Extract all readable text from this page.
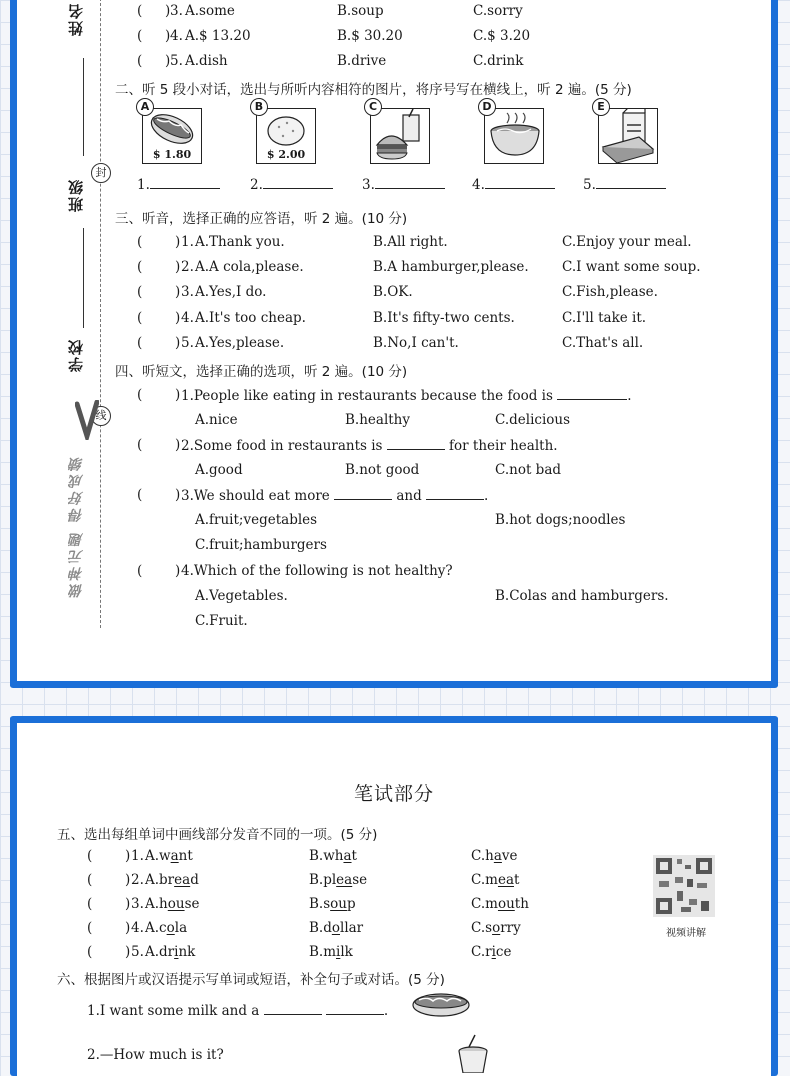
姓名
封
班级
学校
线
做神元题 得好成绩
( ) 3. A.some	B.soup	C.sorry
( ) 4. A.$ 13.20	B.$ 30.20	C.$ 3.20
( ) 5. A.dish	B.drive	C.drink
二、听 5 段小对话，选出与所听内容相符的图片，将序号写在横线上，听 2 遍。(5 分)
A
$ 1.80
B
$ 2.00
C	D	E
1.	2.	3.	4.	5.
三、听音，选择正确的应答语，听 2 遍。(10 分)
( ) 1. A.Thank you.	B.All right.	C.Enjoy your meal.
( ) 2. A.A cola,please.	B.A hamburger,please. C.I want some soup.
( ) 3. A.Yes,I do.	B.OK.	C.Fish,please.
( ) 4. A.It's too cheap.	B.It's fifty-two cents.	C.I'll take it.
( ) 5. A.Yes,please.	B.No,I can't.	C.That's all.
四、听短文，选择正确的选项，听 2 遍。(10 分)
( ) 1.People like eating in restaurants because the food is	.
A.nice	B.healthy	C.delicious
( ) 2.Some food in restaurants is	for their health.
A.good	B.not good	C.not bad
( ) 3.We should eat more	and	.
A.fruit;vegetables	B.hot dogs;noodles
C.fruit;hamburgers
( ) 4.Which of the following is not healthy?
A.Vegetables.	B.Colas and hamburgers.
C.Fruit.
笔试部分
五、选出每组单词中画线部分发音不同的一项。(5 分)
( ) 1. A.want	B.what	C.have
( ) 2. A.bread	B.please	C.meat
( ) 3. A.house	B.soup	C.mouth
( ) 4. A.cola	B.dollar	C.sorry
( ) 5. A.drink	B.milk	C.rice
视频讲解
六、根据图片或汉语提示写单词或短语，补全句子或对话。(5 分)
1.I want some milk and a	.
2.—How much is it?
